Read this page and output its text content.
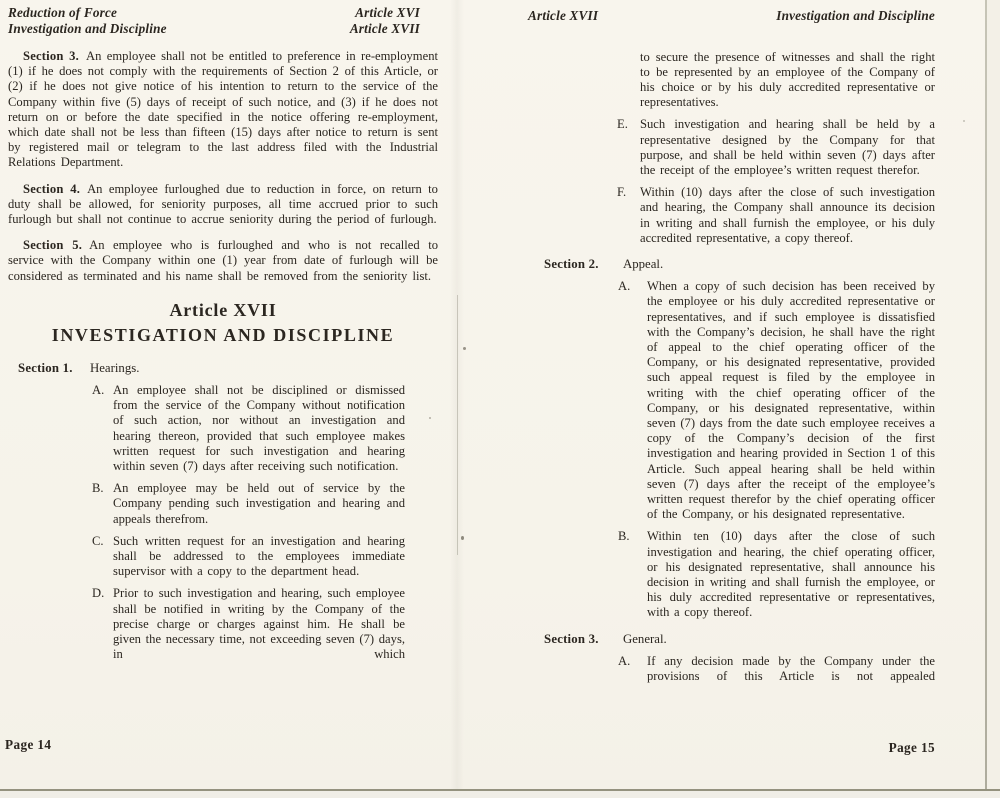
Reduction of Force
Investigation and Discipline
Article XVI
Article XVII

Section 3. An employee shall not be entitled to preference in re-employment (1) if he does not comply with the requirements of Section 2 of this Article, or (2) if he does not give notice of his intention to return to the service of the Company within five (5) days of receipt of such notice, and (3) if he does not return on or before the date specified in the notice offering re-employment, which date shall not be less than fifteen (15) days after notice to return is sent by registered mail or telegram to the last address filed with the Industrial Relations Department.

Section 4. An employee furloughed due to reduction in force, on return to duty shall be allowed, for seniority purposes, all time accrued prior to such furlough but shall not continue to accrue seniority during the period of furlough.

Section 5. An employee who is furloughed and who is not recalled to service with the Company within one (1) year from date of furlough will be considered as terminated and his name shall be removed from the seniority list.

Article XVII
INVESTIGATION AND DISCIPLINE
Section 1.	Hearings.
A. An employee shall not be disciplined or dismissed from the service of the Company without notification of such action, nor without an investigation and hearing thereon, provided that such employee makes written request for such investigation and hearing within seven (7) days after receiving such notification.
B. An employee may be held out of service by the Company pending such investigation and hearing and appeals therefrom.
C. Such written request for an investigation and hearing shall be addressed to the employees immediate supervisor with a copy to the department head.
D. Prior to such investigation and hearing, such employee shall be notified in writing by the Company of the precise charge or charges against him. He shall be given the necessary time, not exceeding seven (7) days, in which
Page 14
Article XVII	Investigation and Discipline

to secure the presence of witnesses and shall the right to be represented by an employee of the Company of his choice or by his duly accredited representative or representatives.

E. Such investigation and hearing shall be held by a representative designed by the Company for that purpose, and shall be held within seven (7) days after the receipt of the employee’s written request therefor.
F.	Within (10) days after the close of such investigation and hearing, the Company shall announce its decision in writing and shall furnish the employee, or his duly accredited representative, a copy thereof.
Section 2.	Appeal.
A.	When a copy of such decision has been received by the employee or his duly accredited representative or representatives, and if such employee is dissatisfied with the Company’s decision, he shall have the right of appeal to the chief operating officer of the Company, or his designated representative, provided such appeal request is filed by the employee in writing with the chief operating officer of the Company, or his designated representative, within seven (7) days from the date such employee receives a copy of the Company’s decision of the first investigation and hearing provided in Section 1 of this Article. Such appeal hearing shall be held within seven (7) days after the receipt of the employee’s written request therefor by the chief operating officer of the Company, or his designated representative.
B.	Within ten (10) days after the close of such investigation and hearing, the chief operating officer, or his designated representative, shall announce his decision in writing and shall furnish the employee, or his duly accredited representative or representatives, with a copy thereof.
Section 3.	General.
A.	If any decision made by the Company under the provisions of this Article is not appealed
Page 15
